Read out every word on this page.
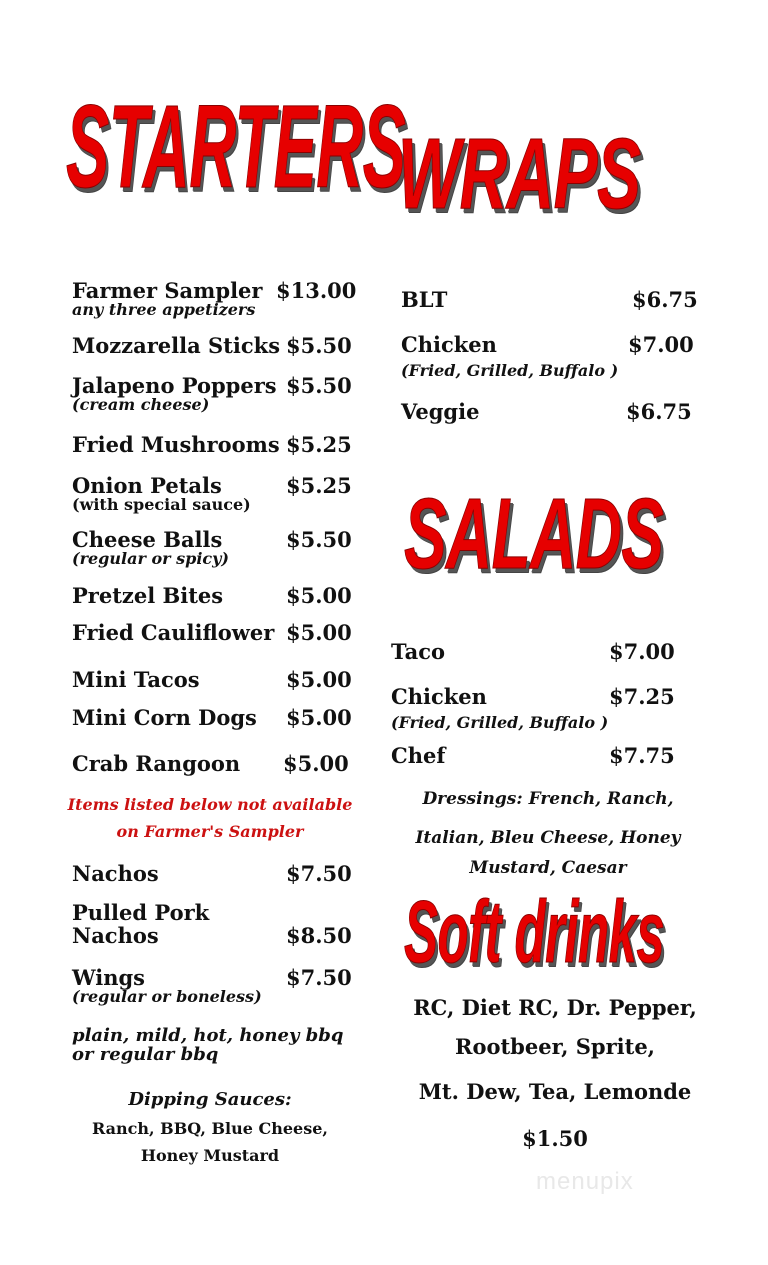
STARTERS
WRAPS
SALADS
Soft drinks
Farmer Sampler $13.00
any three appetizers
Mozzarella Sticks $5.50
Jalapeno Poppers $5.50
(cream cheese)
Fried Mushrooms $5.25
Onion Petals	$5.25
(with special sauce)
Cheese Balls	$5.50
(regular or spicy)
Pretzel Bites	$5.00
Fried Cauliflower $5.00
Mini Tacos	$5.00
Mini Corn Dogs $5.00
Crab Rangoon $5.00
Items listed below not available
on Farmer's Sampler
Nachos	$7.50
Pulled Pork
Nachos	$8.50
Wings	$7.50
(regular or boneless)
plain, mild, hot, honey bbq
or regular bbq
Dipping Sauces:
Ranch, BBQ, Blue Cheese,
Honey Mustard
BLT	$6.75
Chicken	$7.00
(Fried, Grilled, Buffalo )
Veggie	$6.75
Taco	$7.00
Chicken	$7.25
(Fried, Grilled, Buffalo )
Chef	$7.75
Dressings: French, Ranch,
Italian, Bleu Cheese, Honey
Mustard, Caesar
RC, Diet RC, Dr. Pepper,
Rootbeer, Sprite,
Mt. Dew, Tea, Lemonde
$1.50
menupix
